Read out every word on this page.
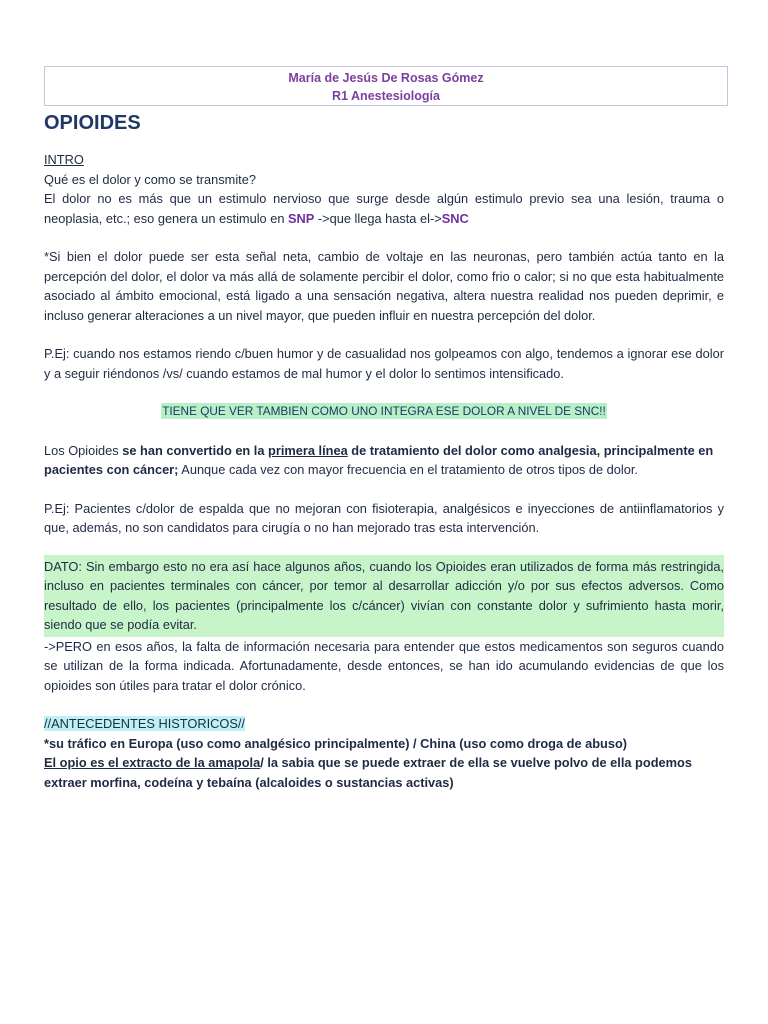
María de Jesús De Rosas Gómez
R1 Anestesiología
OPIOIDES
INTRO
Qué es el dolor y como se transmite?
El dolor no es más que un estimulo nervioso que surge desde algún estimulo previo sea una lesión, trauma o neoplasia, etc.; eso genera un estimulo en SNP ->que llega hasta el->SNC
*Si bien el dolor puede ser esta señal neta, cambio de voltaje en las neuronas, pero también actúa tanto en la percepción del dolor, el dolor va más allá de solamente percibir el dolor, como frio o calor; si no que esta habitualmente asociado al ámbito emocional, está ligado a una sensación negativa, altera nuestra realidad nos pueden deprimir, e incluso generar alteraciones a un nivel mayor, que pueden influir en nuestra percepción del dolor.
P.Ej: cuando nos estamos riendo c/buen humor y de casualidad nos golpeamos con algo, tendemos a ignorar ese dolor y a seguir riéndonos /vs/ cuando estamos de mal humor y el dolor lo sentimos intensificado.
TIENE QUE VER TAMBIEN COMO UNO INTEGRA ESE DOLOR A NIVEL DE SNC!!
Los Opioides se han convertido en la primera línea de tratamiento del dolor como analgesia, principalmente en pacientes con cáncer; Aunque cada vez con mayor frecuencia en el tratamiento de otros tipos de dolor.
P.Ej: Pacientes c/dolor de espalda que no mejoran con fisioterapia, analgésicos e inyecciones de antiinflamatorios y que, además, no son candidatos para cirugía o no han mejorado tras esta intervención.
DATO: Sin embargo esto no era así hace algunos años, cuando los Opioides eran utilizados de forma más restringida, incluso en pacientes terminales con cáncer, por temor al desarrollar adicción y/o por sus efectos adversos. Como resultado de ello, los pacientes (principalmente los c/cáncer) vivían con constante dolor y sufrimiento hasta morir, siendo que se podía evitar.
->PERO en esos años, la falta de información necesaria para entender que estos medicamentos son seguros cuando se utilizan de la forma indicada. Afortunadamente, desde entonces, se han ido acumulando evidencias de que los opioides son útiles para tratar el dolor crónico.
//ANTECEDENTES HISTORICOS//
*su tráfico en Europa (uso como analgésico principalmente) / China (uso como droga de abuso)
El opio es el extracto de la amapola/ la sabia que se puede extraer de ella se vuelve polvo de ella podemos extraer morfina, codeína y tebaína (alcaloides o sustancias activas)
